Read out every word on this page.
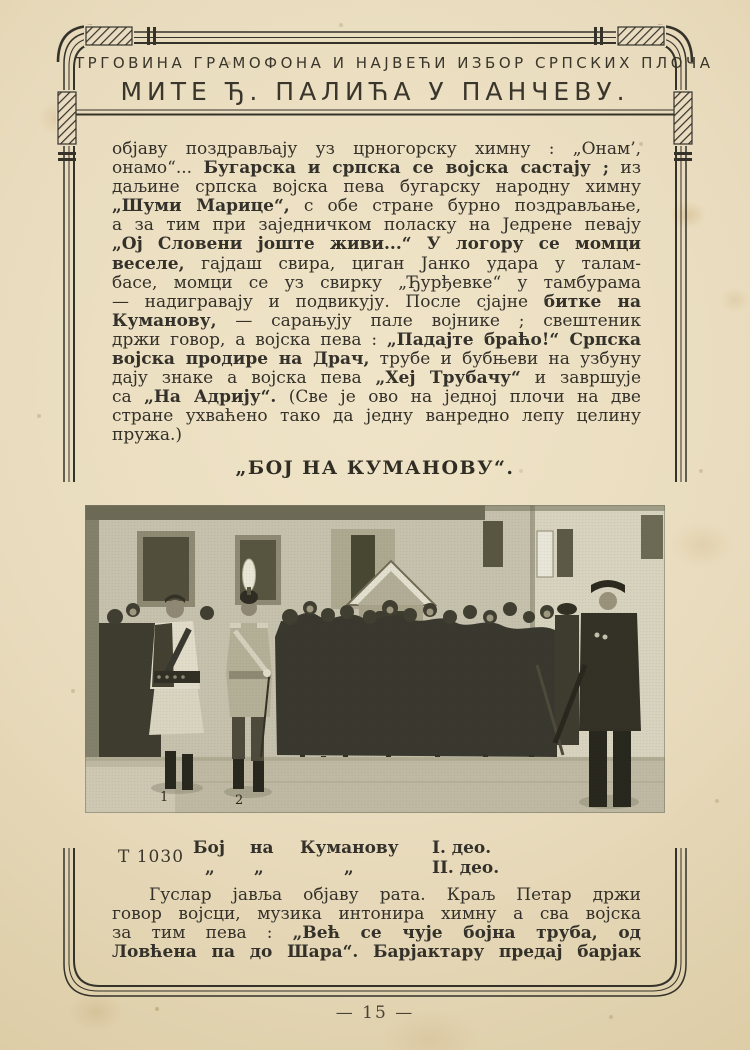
ТРГОВИНА ГРАМОФОНА И НАЈВЕЋИ ИЗБОР СРПСКИХ ПЛОЧА
МИТЕ Ђ. ПАЛИЋА У ПАНЧЕВУ.
објаву поздрављају уз црногорску химну : „Онам’,
онамо“... Бугарска и српска се војска састају ; из
даљине српска војска пева бугарску народну химну
„Шуми Марице“, с обе стране бурно поздрављање,
а за тим при заједничком поласку на Једрене певају
„Ој Словени јоште живи...“ У логору се момци
веселе, гајдаш свира, циган Јанко удара у талам-
басе, момци се уз свирку „Ђурђевке“ у тамбурама
— надигравају и подвикују. После сјајне битке на
Куманову, — сарањују пале војнике ; свештеник
држи говор, а војска пева : „Падајте браћо!“ Српска
војска продире на Драч, трубе и бубњеви на узбуну
дају знаке а војска пева „Хеј Трубачу“ и завршује
са „На Адрију“. (Све је ово на једној плочи на две
стране ухваћено тако да једну ванредно лепу целину
пружа.)
„БОЈ НА КУМАНОВУ“.
1	2
Т 1030 Бој	на	Куманову	I. део.
„	„	„	II. део.
Гуслар јавља објаву рата. Краљ Петар држи
говор војсци, музика интонира химну а сва војска
за тим пева : „Већ се чује бојна труба, од
Ловћена па до Шара“. Барјактару предај барјак
— 15 —
